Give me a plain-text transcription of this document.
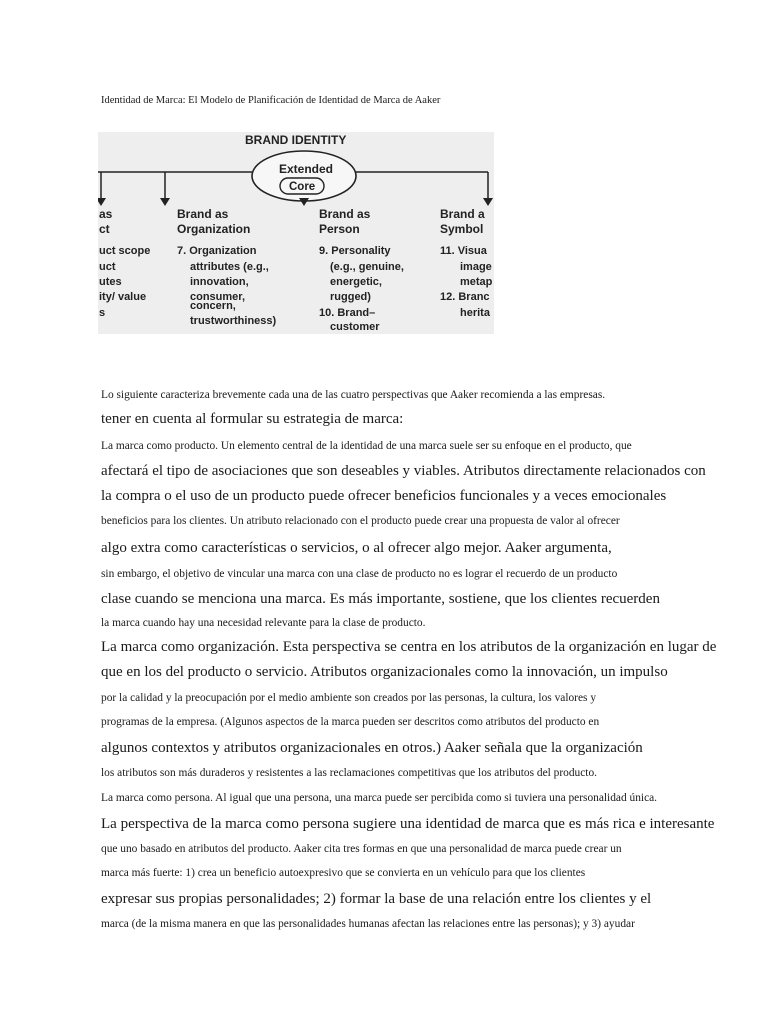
Identidad de Marca: El Modelo de Planificación de Identidad de Marca de Aaker
BRAND IDENTITY
Extended
Core
as
ct
uct scope
uct
utes
ity/ value
s
Brand as
Organization
7. Organization
attributes (e.g.,
innovation,
consumer,
concern,
trustworthiness)
Brand as
Person
9. Personality
(e.g., genuine,
energetic,
rugged)
10. Brand–
customer
Brand a
Symbol
11. Visua
image
metap
12. Branc
herita
Lo siguiente caracteriza brevemente cada una de las cuatro perspectivas que Aaker recomienda a las empresas.
tener en cuenta al formular su estrategia de marca:
La marca como producto. Un elemento central de la identidad de una marca suele ser su enfoque en el producto, que
afectará el tipo de asociaciones que son deseables y viables. Atributos directamente relacionados con
la compra o el uso de un producto puede ofrecer beneficios funcionales y a veces emocionales
beneficios para los clientes. Un atributo relacionado con el producto puede crear una propuesta de valor al ofrecer
algo extra como características o servicios, o al ofrecer algo mejor. Aaker argumenta,
sin embargo, el objetivo de vincular una marca con una clase de producto no es lograr el recuerdo de un producto
clase cuando se menciona una marca. Es más importante, sostiene, que los clientes recuerden
la marca cuando hay una necesidad relevante para la clase de producto.
La marca como organización. Esta perspectiva se centra en los atributos de la organización en lugar de
que en los del producto o servicio. Atributos organizacionales como la innovación, un impulso
por la calidad y la preocupación por el medio ambiente son creados por las personas, la cultura, los valores y
programas de la empresa. (Algunos aspectos de la marca pueden ser descritos como atributos del producto en
algunos contextos y atributos organizacionales en otros.) Aaker señala que la organización
los atributos son más duraderos y resistentes a las reclamaciones competitivas que los atributos del producto.
La marca como persona. Al igual que una persona, una marca puede ser percibida como si tuviera una personalidad única.
La perspectiva de la marca como persona sugiere una identidad de marca que es más rica e interesante
que uno basado en atributos del producto. Aaker cita tres formas en que una personalidad de marca puede crear un
marca más fuerte: 1) crea un beneficio autoexpresivo que se convierta en un vehículo para que los clientes
expresar sus propias personalidades; 2) formar la base de una relación entre los clientes y el
marca (de la misma manera en que las personalidades humanas afectan las relaciones entre las personas); y 3) ayudar
